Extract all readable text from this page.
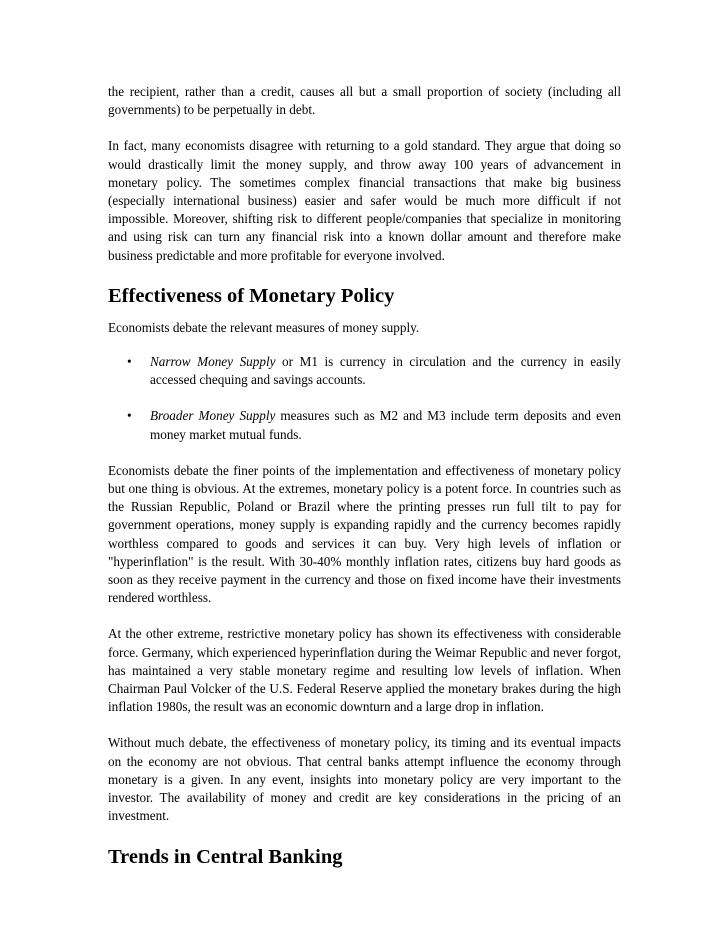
the recipient, rather than a credit, causes all but a small proportion of society (including all governments) to be perpetually in debt.

In fact, many economists disagree with returning to a gold standard. They argue that doing so would drastically limit the money supply, and throw away 100 years of advancement in monetary policy. The sometimes complex financial transactions that make big business (especially international business) easier and safer would be much more difficult if not impossible. Moreover, shifting risk to different people/companies that specialize in monitoring and using risk can turn any financial risk into a known dollar amount and therefore make business predictable and more profitable for everyone involved.

Effectiveness of Monetary Policy

Economists debate the relevant measures of money supply.

• Narrow Money Supply or M1 is currency in circulation and the currency in easily accessed chequing and savings accounts.
• Broader Money Supply measures such as M2 and M3 include term deposits and even money market mutual funds.

Economists debate the finer points of the implementation and effectiveness of monetary policy but one thing is obvious. At the extremes, monetary policy is a potent force. In countries such as the Russian Republic, Poland or Brazil where the printing presses run full tilt to pay for government operations, money supply is expanding rapidly and the currency becomes rapidly worthless compared to goods and services it can buy. Very high levels of inflation or "hyperinflation" is the result. With 30-40% monthly inflation rates, citizens buy hard goods as soon as they receive payment in the currency and those on fixed income have their investments rendered worthless.

At the other extreme, restrictive monetary policy has shown its effectiveness with considerable force. Germany, which experienced hyperinflation during the Weimar Republic and never forgot, has maintained a very stable monetary regime and resulting low levels of inflation. When Chairman Paul Volcker of the U.S. Federal Reserve applied the monetary brakes during the high inflation 1980s, the result was an economic downturn and a large drop in inflation.

Without much debate, the effectiveness of monetary policy, its timing and its eventual impacts on the economy are not obvious. That central banks attempt influence the economy through monetary is a given. In any event, insights into monetary policy are very important to the investor. The availability of money and credit are key considerations in the pricing of an investment.

Trends in Central Banking
